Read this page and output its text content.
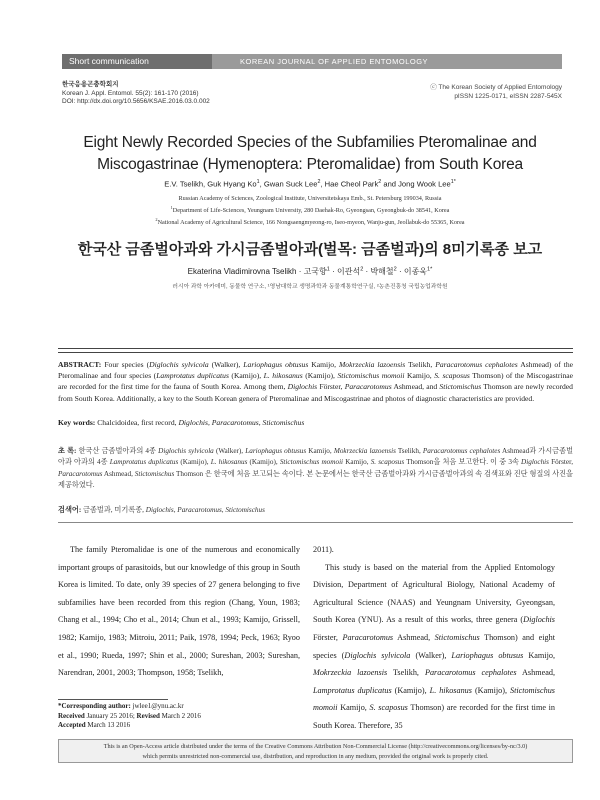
Short communication	KOREAN JOURNAL OF APPLIED ENTOMOLOGY
한국응용곤충학회지
Korean J. Appl. Entomol. 55(2): 161-170 (2016)
DOI: http://dx.doi.org/10.5656/KSAE.2016.03.0.002
ⓒ The Korean Society of Applied Entomology
pISSN 1225-0171, eISSN 2287-545X
Eight Newly Recorded Species of the Subfamilies Pteromalinae and
Miscogastrinae (Hymenoptera: Pteromalidae) from South Korea
E.V. Tselikh, Guk Hyang Ko$^1$, Gwan Suck Lee$^2$, Hae Cheol Park$^2$ and Jong Wook Lee$^{1*}$
Russian Academy of Sciences, Zoological Institute, Universitetskaya Emb., St. Petersburg 199034, Russia
$^1$Department of Life-Sciences, Yeungnam University, 280 Daehak-Ro, Gyeongsan, Gyeongbuk-do 38541, Korea
$^2$National Academy of Agricultural Science, 166 Nongsaengmyeong-ro, Iseo-myeon, Wanju-gun, Jeollabuk-do 55365, Korea
한국산 금좀벌아과와 가시금좀벌아과(벌목: 금좀벌과)의 8미기록종 보고
Ekaterina Vladimirovna Tselikh · 고국향$^1$ · 이관석$^2$ · 박해철$^2$ · 이종욱$^{1*}$
러시아 과학 아카데미, 동물학 연구소, ¹영남대학교 생명과학과 동물계통학연구실, ²농촌진흥청 국립농업과학원
ABSTRACT: Four species (Diglochis sylvicola (Walker), Lariophagus obtusus Kamijo, Mokrzeckia lazoensis Tselikh, Paracarotomus cephalotes Ashmead) of the Pteromalinae and four species (Lamprotatus duplicatus (Kamijo), L. hikosanus (Kamijo), Stictomischus momoii Kamijo, S. scaposus Thomson) of the Miscogastrinae are recorded for the first time for the fauna of South Korea. Among them, Diglochis Förster, Paracarotomus Ashmead, and Stictomischus Thomson are newly recorded from South Korea. Additionally, a key to the South Korean genera of Pteromalinae and Miscogastrinae and photos of diagnostic characteristics are provided.
Key words: Chalcidoidea, first record, Diglochis, Paracarotomus, Stictomischus
초 록: 한국산 금좀벌아과의 4종 Diglochis sylvicola (Walker), Lariophagus obtusus Kamijo, Mokrzeckia lazoensis Tselikh, Paracarotomus cephalotes Ashmead과 가시금좀벌아과 아과의 4종 Lamprotatus duplicatus (Kamijo), L. hikosanus (Kamijo), Stictomischus momoii Kamijo, S. scaposus Thomson을 처음 보고한다. 이 중 3속 Diglochis Förster, Paracarotomus Ashmead, Stictomischus Thomson 은 한국에 처음 보고되는 속이다. 본 논문에서는 한국산 금좀벌아과와 가시금좀벌아과의 속 검색표와 진단 형질의 사진을 제공하였다.
검색어: 금좀벌과, 미기록종, Diglochis, Paracarotomus, Stictomischus

The family Pteromalidae is one of the numerous and economically important groups of parasitoids, but our knowledge of this group in South Korea is limited. To date, only 39 species of 27 genera belonging to five subfamilies have been recorded from this region (Chang, Youn, 1983; Chang et al., 1994; Cho et al., 2014; Chun et al., 1993; Kamijo, Grissell, 1982; Kamijo, 1983; Mitroiu, 2011; Paik, 1978, 1994; Peck, 1963; Ryoo et al., 1990; Rueda, 1997; Shin et al., 2000; Sureshan, 2003; Sureshan, Narendran, 2001, 2003; Thompson, 1958; Tselikh,

2011).

This study is based on the material from the Applied Entomology Division, Department of Agricultural Biology, National Academy of Agricultural Science (NAAS) and Yeungnam University, Gyeongsan, South Korea (YNU). As a result of this works, three genera (Diglochis Förster, Paracarotomus Ashmead, Stictomischus Thomson) and eight species (Diglochis sylvicola (Walker), Lariophagus obtusus Kamijo, Mokrzeckia lazoensis Tselikh, Paracarotomus cephalotes Ashmead, Lamprotatus duplicatus (Kamijo), L. hikosanus (Kamijo), Stictomischus momoii Kamijo, S. scaposus Thomson) are recorded for the first time in South Korea. Therefore, 35

*Corresponding author: jwlee1@ynu.ac.kr
Received January 25 2016; Revised March 2 2016
Accepted March 13 2016
This is an Open-Access article distributed under the terms of the Creative Commons Attribution Non-Commercial License (http://creativecommons.org/licenses/by-nc/3.0)
which permits unrestricted non-commercial use, distribution, and reproduction in any medium, provided the original work is properly cited.
